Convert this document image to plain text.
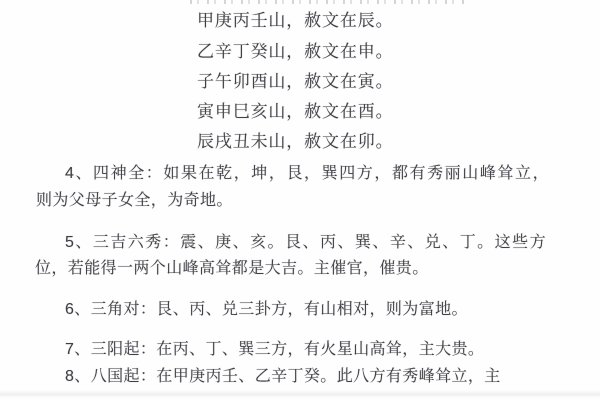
甲庚丙壬山，赦文在辰。
乙辛丁癸山，赦文在申。
子午卯酉山，赦文在寅。
寅申巳亥山，赦文在酉。
辰戌丑未山，赦文在卯。
4、四神全：如果在乾，坤，艮，巽四方，都有秀丽山峰耸立，
则为父母子女全，为奇地。
5、三吉六秀：震、庚、亥。艮、丙、巽、辛、兑、丁。这些方
位，若能得一两个山峰高耸都是大吉。主催官，催贵。
6、三角对：艮、丙、兑三卦方，有山相对，则为富地。
7、三阳起：在丙、丁、巽三方，有火星山高耸，主大贵。
8、八国起：在甲庚丙壬、乙辛丁癸。此八方有秀峰耸立，主
